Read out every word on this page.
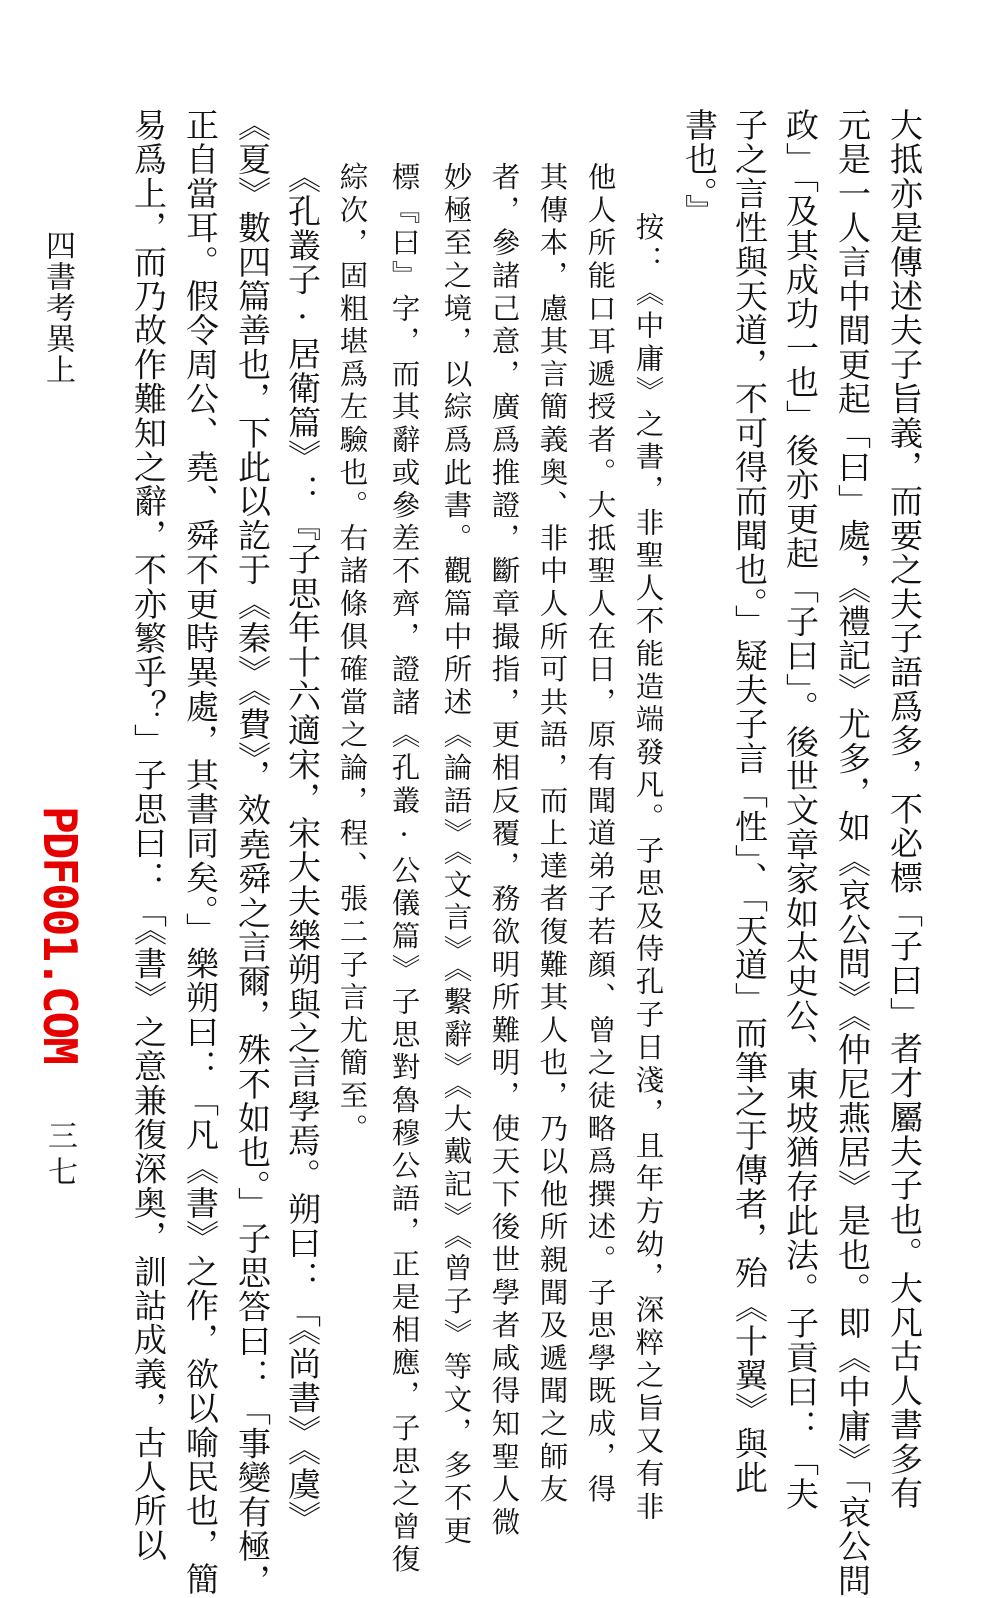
大抵亦是傳述夫子旨義，而要之夫子語爲多，不必標「子曰」者才屬夫子也。大凡古人書多有
元是一人言中間更起「曰」處，《禮記》尤多，如《哀公問》《仲尼燕居》是也。即《中庸》「哀公問
政」「及其成功一也」後亦更起「子曰」。後世文章家如太史公、東坡猶存此法。子貢曰：「夫
子之言性與天道，不可得而聞也。」疑夫子言「性」、「天道」而筆之于傳者，殆《十翼》與此
書也。』
按：《中庸》之書，非聖人不能造端發凡。子思及侍孔子日淺，且年方幼，深粹之旨又有非
他人所能口耳遞授者。大抵聖人在日，原有聞道弟子若顔、曾之徒略爲撰述。子思學既成，得
其傳本，慮其言簡義奥、非中人所可共語，而上達者復難其人也，乃以他所親聞及遞聞之師友
者，參諸己意，廣爲推證，斷章撮指，更相反覆，務欲明所難明，使天下後世學者咸得知聖人微
妙極至之境，以綜爲此書。觀篇中所述《論語》《文言》《繫辭》《大戴記》《曾子》等文，多不更
標『曰』字，而其辭或參差不齊，證諸《孔叢·公儀篇》子思對魯穆公語，正是相應，子思之曾復
綜次，固粗堪爲左驗也。右諸條俱確當之論，程、張二子言尤簡至。
《孔叢子·居衛篇》：『子思年十六適宋，宋大夫樂朔與之言學焉。朔曰：「《尚書》《虞》
《夏》數四篇善也，下此以訖于《秦》《費》，效堯舜之言爾，殊不如也。」子思答曰：「事變有極，
正自當耳。假令周公、堯、舜不更時異處，其書同矣。」樂朔曰：「凡《書》之作，欲以喻民也，簡
易爲上，而乃故作難知之辭，不亦繁乎？」子思曰：「《書》之意兼復深奥，訓詁成義，古人所以
四書考異上
PDF001.COM
三七
